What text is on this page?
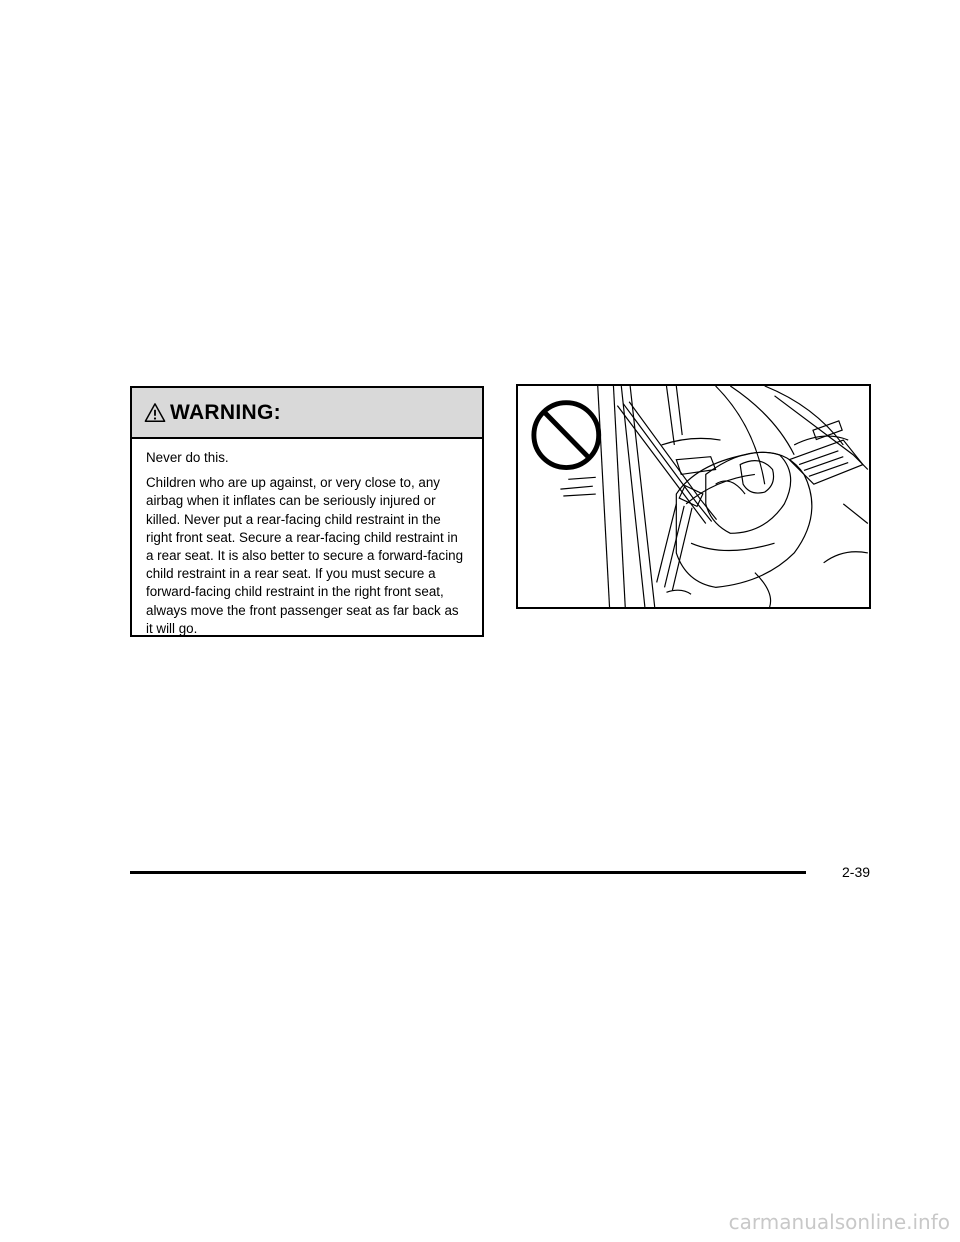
WARNING:

Never do this.

Children who are up against, or very close to, any airbag when it inflates can be seriously injured or killed. Never put a rear-facing child restraint in the right front seat. Secure a rear-facing child restraint in a rear seat. It is also better to secure a forward-facing child restraint in a rear seat. If you must secure a forward-facing child restraint in the right front seat, always move the front passenger seat as far back as it will go.

2-39
carmanualsonline.info
